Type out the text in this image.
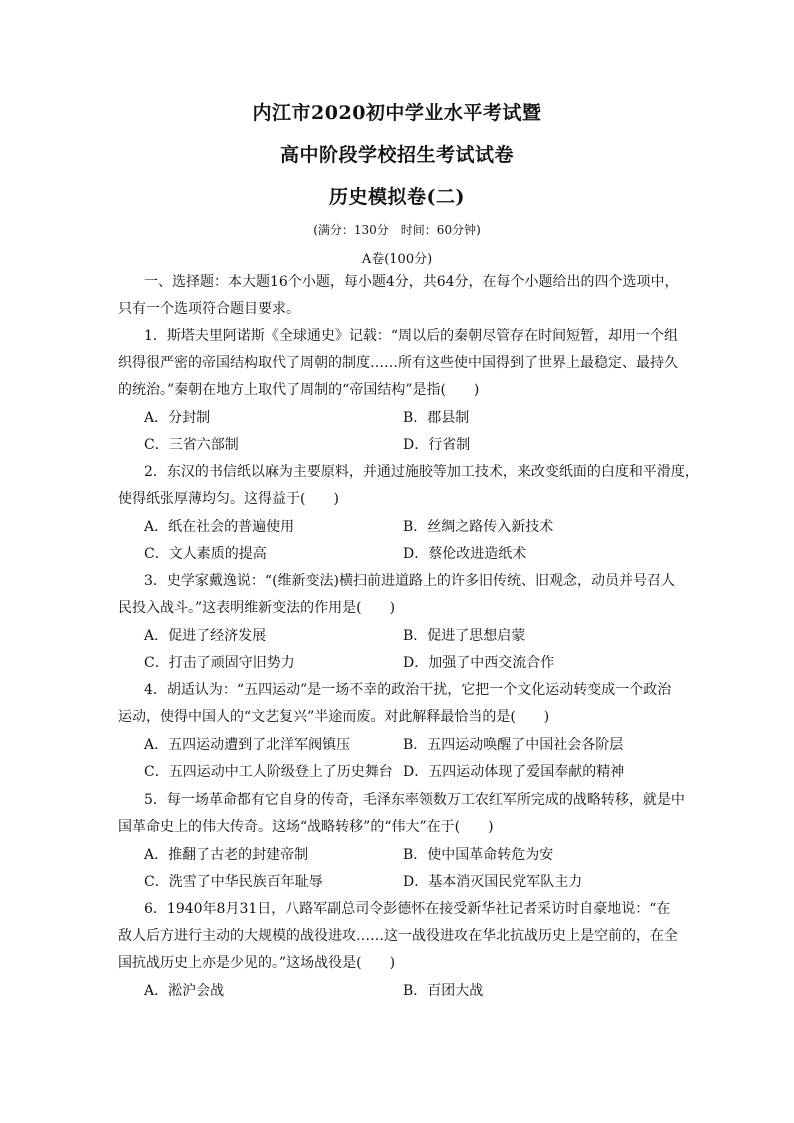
内江市2020初中学业水平考试暨
高中阶段学校招生考试试卷
历史模拟卷(二)
(满分：130分　时间：60分钟)
A卷(100分)
一、选择题：本大题16个小题，每小题4分，共64分，在每个小题给出的四个选项中，
只有一个选项符合题目要求。
1．斯塔夫里阿诺斯《全球通史》记载：“周以后的秦朝尽管存在时间短暂，却用一个组
织得很严密的帝国结构取代了周朝的制度……所有这些使中国得到了世界上最稳定、最持久
的统治。”秦朝在地方上取代了周制的“帝国结构”是指(　　)
A．分封制	B．郡县制
C．三省六部制	D．行省制
2．东汉的书信纸以麻为主要原料，并通过施胶等加工技术，来改变纸面的白度和平滑度，
使得纸张厚薄均匀。这得益于(　　)
A．纸在社会的普遍使用	B．丝绸之路传入新技术
C．文人素质的提高	D．蔡伦改进造纸术
3．史学家戴逸说：“(维新变法)横扫前进道路上的许多旧传统、旧观念，动员并号召人
民投入战斗。”这表明维新变法的作用是(　　)
A．促进了经济发展	B．促进了思想启蒙
C．打击了顽固守旧势力	D．加强了中西交流合作
4．胡适认为：“五四运动”是一场不幸的政治干扰，它把一个文化运动转变成一个政治
运动，使得中国人的“文艺复兴”半途而废。对此解释最恰当的是(　　)
A．五四运动遭到了北洋军阀镇压	B．五四运动唤醒了中国社会各阶层
C．五四运动中工人阶级登上了历史舞台 D．五四运动体现了爱国奉献的精神
5．每一场革命都有它自身的传奇，毛泽东率领数万工农红军所完成的战略转移，就是中
国革命史上的伟大传奇。这场“战略转移”的“伟大”在于(　　)
A．推翻了古老的封建帝制	B．使中国革命转危为安
C．洗雪了中华民族百年耻辱	D．基本消灭国民党军队主力
6．1940年8月31日，八路军副总司令彭德怀在接受新华社记者采访时自豪地说：“在
敌人后方进行主动的大规模的战役进攻……这一战役进攻在华北抗战历史上是空前的，在全
国抗战历史上亦是少见的。”这场战役是(　　)
A．淞沪会战	B．百团大战
